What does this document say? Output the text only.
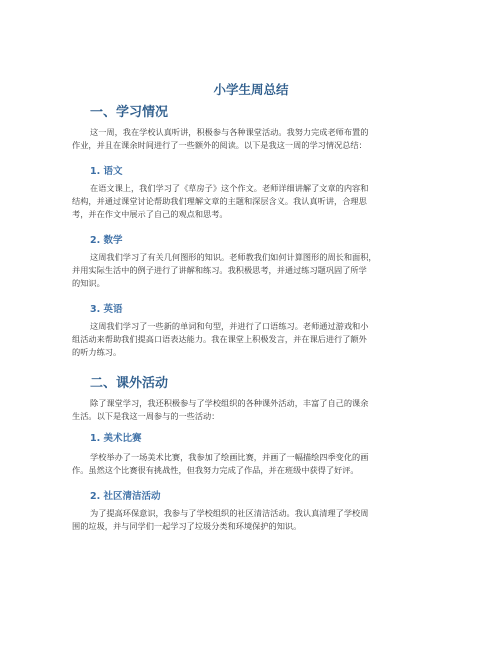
小学生周总结
一、学习情况
这一周，我在学校认真听讲，积极参与各种课堂活动。我努力完成老师布置的
作业，并且在课余时间进行了一些额外的阅读。以下是我这一周的学习情况总结：
1. 语文
在语文课上，我们学习了《草房子》这个作文。老师详细讲解了文章的内容和
结构，并通过课堂讨论帮助我们理解文章的主题和深层含义。我认真听讲，合理思
考，并在作文中展示了自己的观点和思考。
2. 数学
这周我们学习了有关几何图形的知识。老师教我们如何计算图形的周长和面积，
并用实际生活中的例子进行了讲解和练习。我积极思考，并通过练习题巩固了所学
的知识。
3. 英语
这周我们学习了一些新的单词和句型，并进行了口语练习。老师通过游戏和小
组活动来帮助我们提高口语表达能力。我在课堂上积极发言，并在课后进行了额外
的听力练习。
二、课外活动
除了课堂学习，我还积极参与了学校组织的各种课外活动，丰富了自己的课余
生活。以下是我这一周参与的一些活动：
1. 美术比赛
学校举办了一场美术比赛，我参加了绘画比赛，并画了一幅描绘四季变化的画
作。虽然这个比赛很有挑战性，但我努力完成了作品，并在班级中获得了好评。
2. 社区清洁活动
为了提高环保意识，我参与了学校组织的社区清洁活动。我认真清理了学校周
围的垃圾，并与同学们一起学习了垃圾分类和环境保护的知识。
